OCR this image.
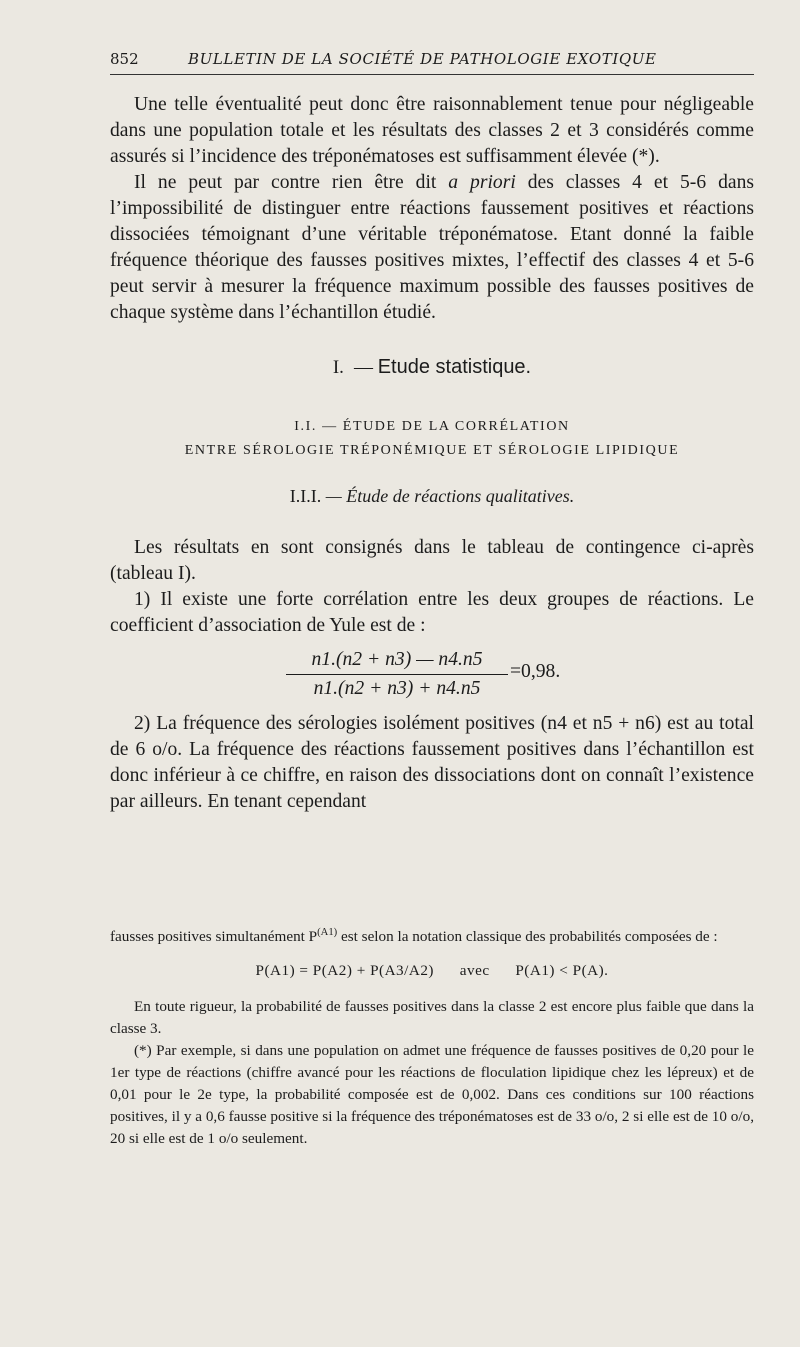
852	BULLETIN DE LA SOCIÉTÉ DE PATHOLOGIE EXOTIQUE

Une telle éventualité peut donc être raisonnablement tenue pour négligeable dans une population totale et les résultats des classes 2 et 3 considérés comme assurés si l’incidence des tréponématoses est suffisamment élevée (*).

Il ne peut par contre rien être dit a priori des classes 4 et 5-6 dans l’impossibilité de distinguer entre réactions faussement positives et réactions dissociées témoignant d’une véritable tréponématose. Etant donné la faible fréquence théorique des fausses positives mixtes, l’effectif des classes 4 et 5-6 peut servir à mesurer la fréquence maximum possible des fausses positives de chaque système dans l’échantillon étudié.

I. — Etude statistique.

I.I. — ÉTUDE DE LA CORRÉLATION
ENTRE SÉROLOGIE TRÉPONÉMIQUE ET SÉROLOGIE LIPIDIQUE

I.I.I. — Étude de réactions qualitatives.

Les résultats en sont consignés dans le tableau de contingence ci-après (tableau I).

1) Il existe une forte corrélation entre les deux groupes de réactions. Le coefficient d’association de Yule est de :

$\frac{n1.(n2 + n3) — n4.n5}{n1.(n2 + n3) + n4.n5} =0,98$.

2) La fréquence des sérologies isolément positives (n4 et n5 + n6) est au total de 6 o/o. La fréquence des réactions faussement positives dans l’échantillon est donc inférieur à ce chiffre, en raison des dissociations dont on connaît l’existence par ailleurs. En tenant cependant

fausses positives simultanément $P^{(A1)}$ est selon la notation classique des probabilités composées de :

P(A1) = P(A2) + P(A3/A2)      avec      P(A1) < P(A).

En toute rigueur, la probabilité de fausses positives dans la classe 2 est encore plus faible que dans la classe 3.

(*) Par exemple, si dans une population on admet une fréquence de fausses positives de 0,20 pour le 1er type de réactions (chiffre avancé pour les réactions de floculation lipidique chez les lépreux) et de 0,01 pour le 2e type, la probabilité composée est de 0,002. Dans ces conditions sur 100 réactions positives, il y a 0,6 fausse positive si la fréquence des tréponématoses est de 33 o/o, 2 si elle est de 10 o/o, 20 si elle est de 1 o/o seulement.
